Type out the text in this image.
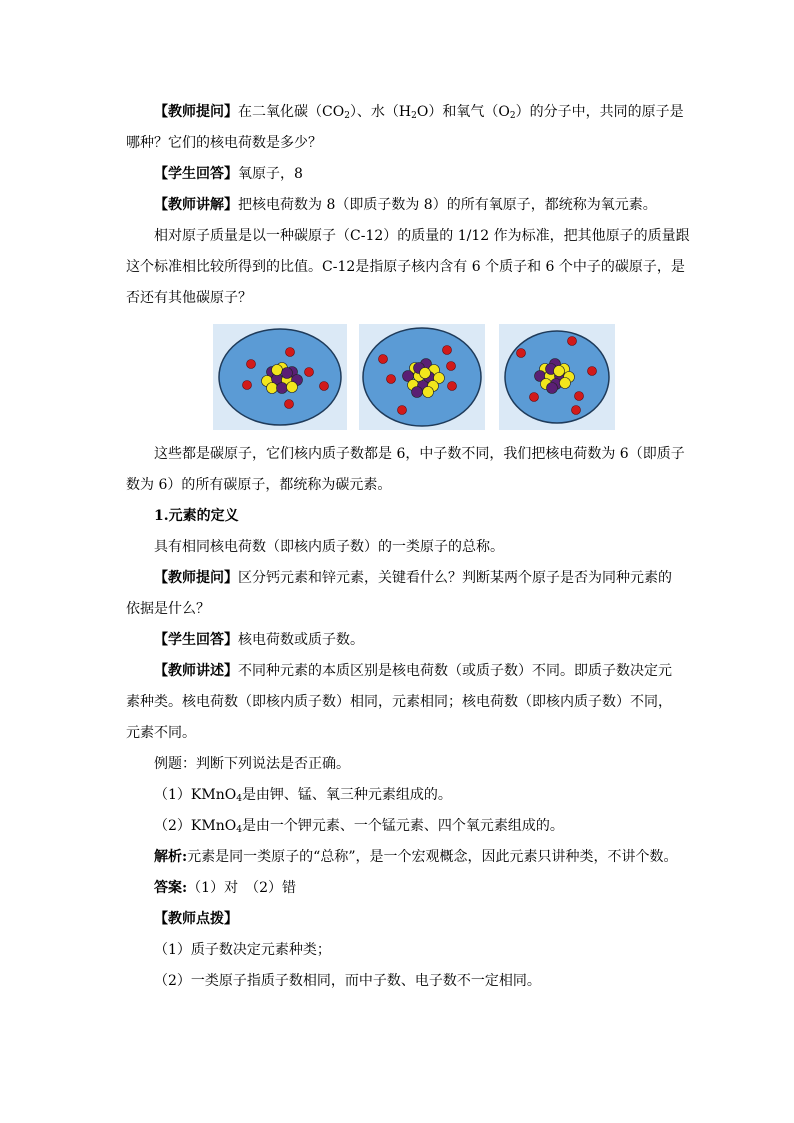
【教师提问】在二氧化碳$(CO_2)$、水$(H_2O)$和氧气$(O_2)$的分子中，共同的原子是

哪种？它们的核电荷数是多少？

【学生回答】氧原子，8

【教师讲解】把核电荷数为 8（即质子数为 8）的所有氧原子，都统称为氧元素。

相对原子质量是以一种碳原子（C-12）的质量的 1/12 作为标准，把其他原子的质量跟

这个标准相比较所得到的比值。C-12是指原子核内含有 6 个质子和 6 个中子的碳原子，是

否还有其他碳原子？

这些都是碳原子，它们核内质子数都是 6，中子数不同，我们把核电荷数为 6（即质子

数为 6）的所有碳原子，都统称为碳元素。

1.元素的定义

具有相同核电荷数（即核内质子数）的一类原子的总称。

【教师提问】区分钙元素和锌元素，关键看什么？判断某两个原子是否为同种元素的

依据是什么？

【学生回答】核电荷数或质子数。

【教师讲述】不同种元素的本质区别是核电荷数（或质子数）不同。即质子数决定元

素种类。核电荷数（即核内质子数）相同，元素相同；核电荷数（即核内质子数）不同，

元素不同。

例题：判断下列说法是否正确。

（1）KMnO$_4$是由钾、锰、氧三种元素组成的。

（2）KMnO$_4$是由一个钾元素、一个锰元素、四个氧元素组成的。

解析:元素是同一类原子的“总称”，是一个宏观概念，因此元素只讲种类，不讲个数。

答案:（1）对　（2）错

【教师点拨】

（1）质子数决定元素种类；

（2）一类原子指质子数相同，而中子数、电子数不一定相同。
